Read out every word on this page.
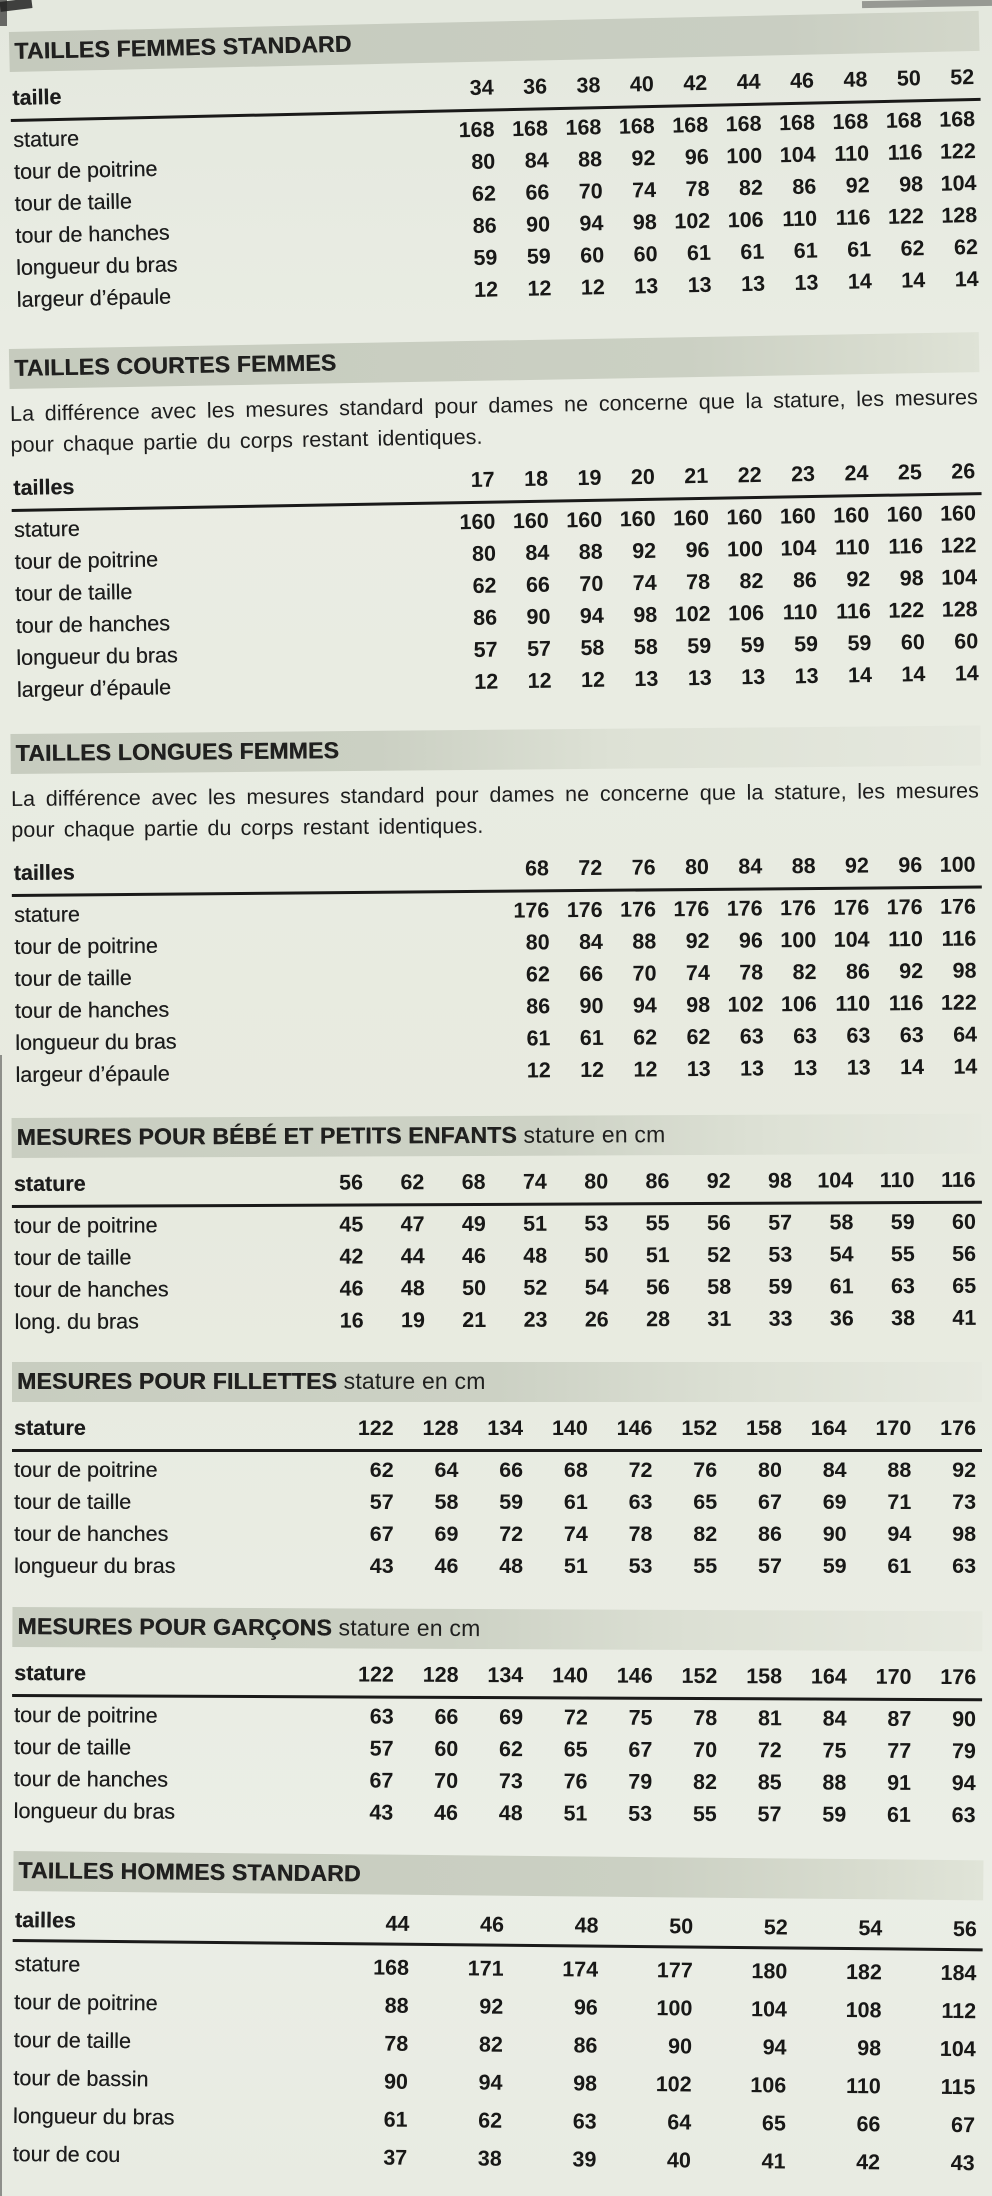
TAILLES FEMMES STANDARD
taille	34	36	38	40	42	44	46	48	50	52
stature	168 168 168 168 168 168 168 168 168 168
tour de poitrine	80	84	88	92	96 100 104 110 116 122
tour de taille	62	66	70	74	78	82	86	92	98 104
tour de hanches	86	90	94	98 102 106 110 116 122 128
longueur du bras	59	59	60	60	61	61	61	61	62	62
largeur d’épaule	12	12	12	13	13	13	13	14	14	14
TAILLES COURTES FEMMES

La différence avec les mesures standard pour dames ne concerne que la stature, les mesures pour chaque partie du corps restant identiques.

tailles	17	18	19	20	21	22	23	24	25	26
stature	160 160 160 160 160 160 160 160 160 160
tour de poitrine	80	84	88	92	96 100 104 110 116 122
tour de taille	62	66	70	74	78	82	86	92	98 104
tour de hanches	86	90	94	98 102 106 110 116 122 128
longueur du bras	57	57	58	58	59	59	59	59	60	60
largeur d’épaule	12	12	12	13	13	13	13	14	14	14
TAILLES LONGUES FEMMES

La différence avec les mesures standard pour dames ne concerne que la stature, les mesures pour chaque partie du corps restant identiques.

tailles	68	72	76	80	84	88	92	96 100
stature	176 176 176 176 176 176 176 176 176
tour de poitrine	80	84	88	92	96 100 104 110 116
tour de taille	62	66	70	74	78	82	86	92	98
tour de hanches	86	90	94	98 102 106 110 116 122
longueur du bras	61	61	62	62	63	63	63	63	64
largeur d’épaule	12	12	12	13	13	13	13	14	14
MESURES POUR BÉBÉ ET PETITS ENFANTS stature en cm
stature	56	62	68	74	80	86	92	98	104	110	116
tour de poitrine	45	47	49	51	53	55	56	57	58	59	60
tour de taille	42	44	46	48	50	51	52	53	54	55	56
tour de hanches	46	48	50	52	54	56	58	59	61	63	65
long. du bras	16	19	21	23	26	28	31	33	36	38	41
MESURES POUR FILLETTES stature en cm
stature	122	128	134	140	146	152	158	164	170	176
tour de poitrine	62	64	66	68	72	76	80	84	88	92
tour de taille	57	58	59	61	63	65	67	69	71	73
tour de hanches	67	69	72	74	78	82	86	90	94	98
longueur du bras	43	46	48	51	53	55	57	59	61	63
MESURES POUR GARÇONS stature en cm
stature	122	128	134	140	146	152	158	164	170	176
tour de poitrine	63	66	69	72	75	78	81	84	87	90
tour de taille	57	60	62	65	67	70	72	75	77	79
tour de hanches	67	70	73	76	79	82	85	88	91	94
longueur du bras	43	46	48	51	53	55	57	59	61	63
TAILLES HOMMES STANDARD
tailles	44	46	48	50	52	54	56
stature	168	171	174	177	180	182	184
tour de poitrine	88	92	96	100	104	108	112
tour de taille	78	82	86	90	94	98	104
tour de bassin	90	94	98	102	106	110	115
longueur du bras	61	62	63	64	65	66	67
tour de cou	37	38	39	40	41	42	43
